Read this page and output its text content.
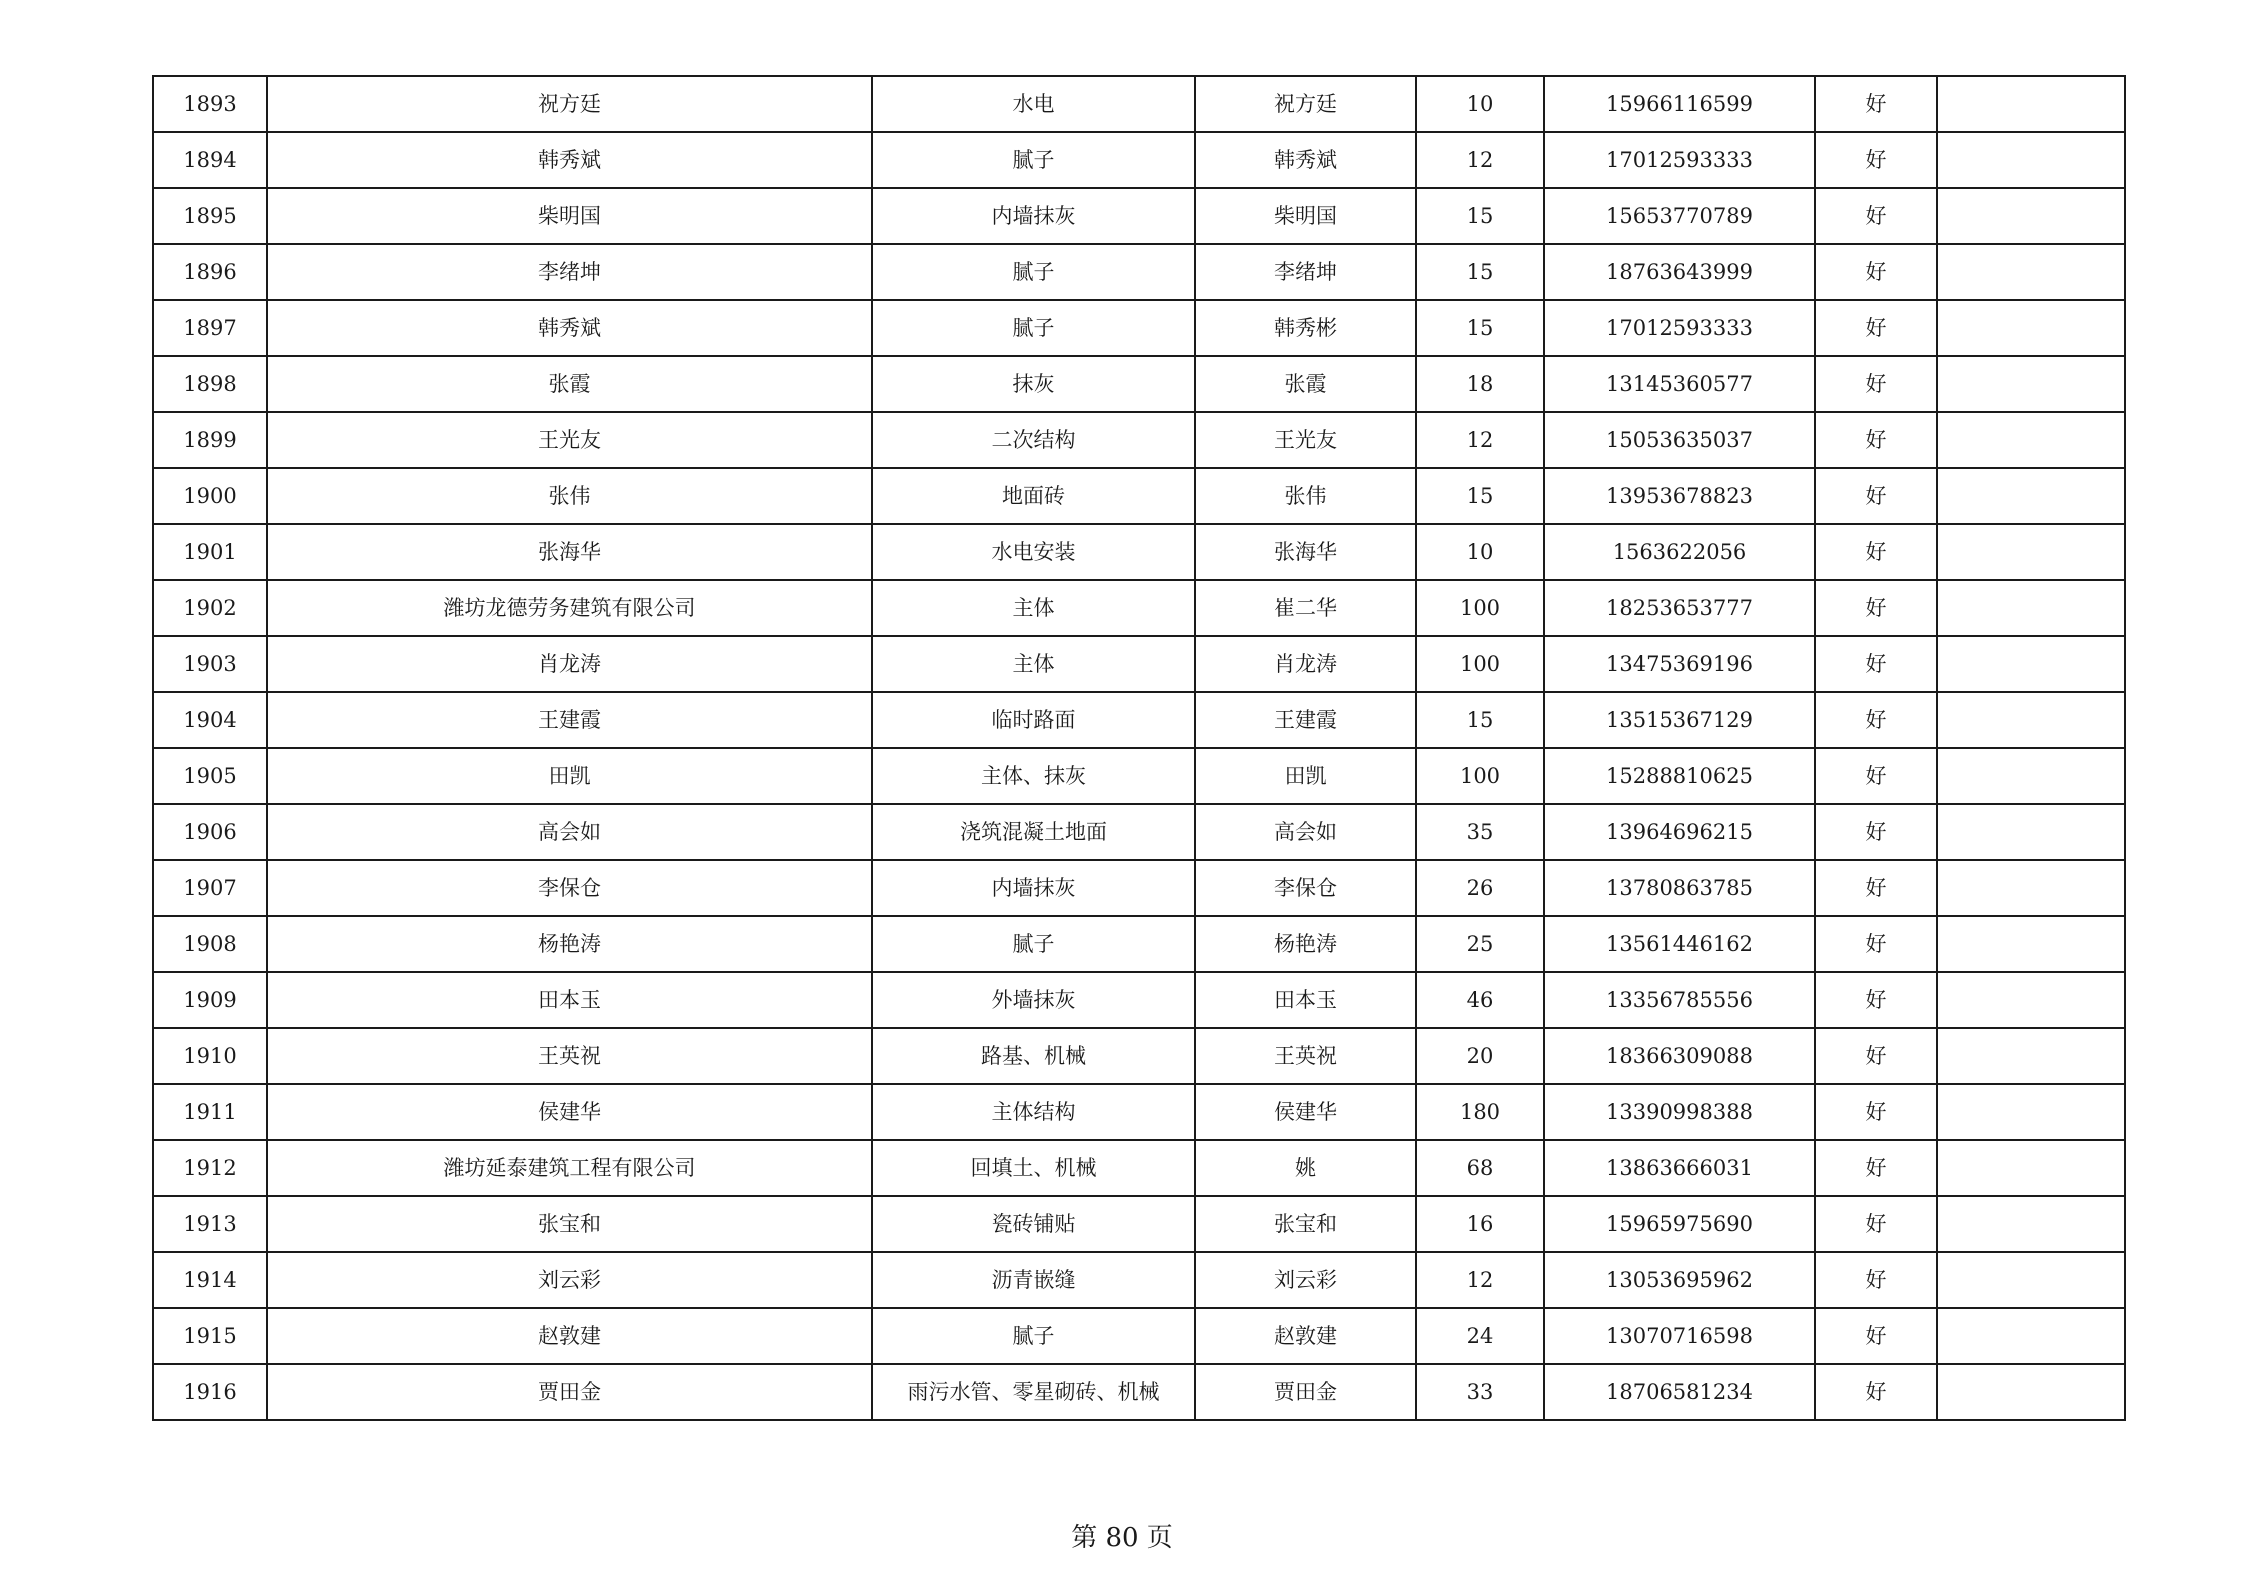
1893	祝方廷	水电	祝方廷	10	15966116599	好	
1894	韩秀斌	腻子	韩秀斌	12	17012593333	好	
1895	柴明国	内墙抹灰	柴明国	15	15653770789	好	
1896	李绪坤	腻子	李绪坤	15	18763643999	好	
1897	韩秀斌	腻子	韩秀彬	15	17012593333	好	
1898	张霞	抹灰	张霞	18	13145360577	好	
1899	王光友	二次结构	王光友	12	15053635037	好	
1900	张伟	地面砖	张伟	15	13953678823	好	
1901	张海华	水电安装	张海华	10	1563622056	好	
1902	潍坊龙德劳务建筑有限公司	主体	崔二华	100	18253653777	好	
1903	肖龙涛	主体	肖龙涛	100	13475369196	好	
1904	王建霞	临时路面	王建霞	15	13515367129	好	
1905	田凯	主体、抹灰	田凯	100	15288810625	好	
1906	高会如	浇筑混凝土地面	高会如	35	13964696215	好	
1907	李保仓	内墙抹灰	李保仓	26	13780863785	好	
1908	杨艳涛	腻子	杨艳涛	25	13561446162	好	
1909	田本玉	外墙抹灰	田本玉	46	13356785556	好	
1910	王英祝	路基、机械	王英祝	20	18366309088	好	
1911	侯建华	主体结构	侯建华	180	13390998388	好	
1912	潍坊延泰建筑工程有限公司	回填土、机械	姚	68	13863666031	好	
1913	张宝和	瓷砖铺贴	张宝和	16	15965975690	好	
1914	刘云彩	沥青嵌缝	刘云彩	12	13053695962	好	
1915	赵敦建	腻子	赵敦建	24	13070716598	好	
1916	贾田金	雨污水管、零星砌砖、机械	贾田金	33	18706581234	好	
第 80 页
